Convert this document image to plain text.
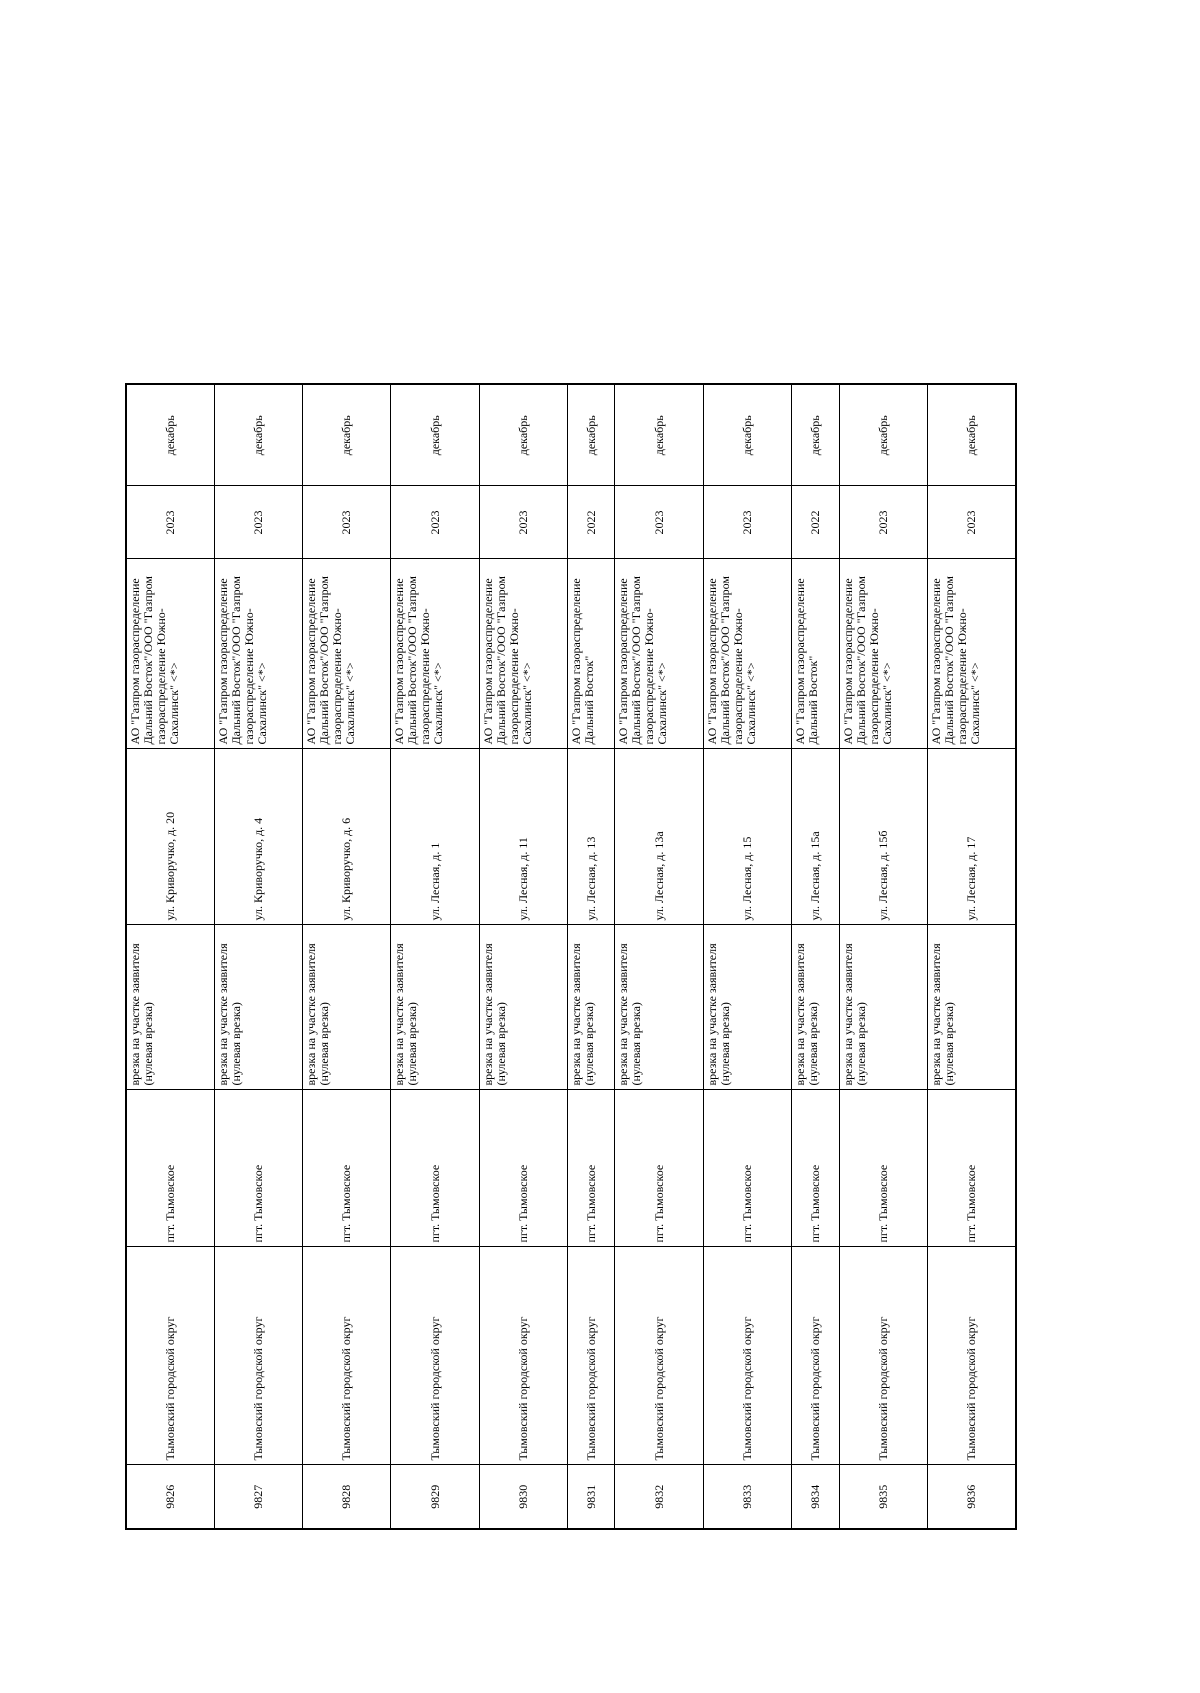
9826	Тымовский городской округ	пгт. Тымовское	врезка на участке заявителя (нулевая врезка)	ул. Криворучко, д. 20	АО "Газпром газораспределение Дальний Восток"/ООО "Газпром газораспределение Южно-Сахалинск" <*>	2023	декабрь
9827	Тымовский городской округ	пгт. Тымовское	врезка на участке заявителя (нулевая врезка)	ул. Криворучко, д. 4	АО "Газпром газораспределение Дальний Восток"/ООО "Газпром газораспределение Южно-Сахалинск" <*>	2023	декабрь
9828	Тымовский городской округ	пгт. Тымовское	врезка на участке заявителя (нулевая врезка)	ул. Криворучко, д. 6	АО "Газпром газораспределение Дальний Восток"/ООО "Газпром газораспределение Южно-Сахалинск" <*>	2023	декабрь
9829	Тымовский городской округ	пгт. Тымовское	врезка на участке заявителя (нулевая врезка)	ул. Лесная, д. 1	АО "Газпром газораспределение Дальний Восток"/ООО "Газпром газораспределение Южно-Сахалинск" <*>	2023	декабрь
9830	Тымовский городской округ	пгт. Тымовское	врезка на участке заявителя (нулевая врезка)	ул. Лесная, д. 11	АО "Газпром газораспределение Дальний Восток"/ООО "Газпром газораспределение Южно-Сахалинск" <*>	2023	декабрь
9831	Тымовский городской округ	пгт. Тымовское	врезка на участке заявителя (нулевая врезка)	ул. Лесная, д. 13	АО "Газпром газораспределение Дальний Восток"	2022	декабрь
9832	Тымовский городской округ	пгт. Тымовское	врезка на участке заявителя (нулевая врезка)	ул. Лесная, д. 13а	АО "Газпром газораспределение Дальний Восток"/ООО "Газпром газораспределение Южно-Сахалинск" <*>	2023	декабрь
9833	Тымовский городской округ	пгт. Тымовское	врезка на участке заявителя (нулевая врезка)	ул. Лесная, д. 15	АО "Газпром газораспределение Дальний Восток"/ООО "Газпром газораспределение Южно-Сахалинск" <*>	2023	декабрь
9834	Тымовский городской округ	пгт. Тымовское	врезка на участке заявителя (нулевая врезка)	ул. Лесная, д. 15а	АО "Газпром газораспределение Дальний Восток"	2022	декабрь
9835	Тымовский городской округ	пгт. Тымовское	врезка на участке заявителя (нулевая врезка)	ул. Лесная, д. 15б	АО "Газпром газораспределение Дальний Восток"/ООО "Газпром газораспределение Южно-Сахалинск" <*>	2023	декабрь
9836	Тымовский городской округ	пгт. Тымовское	врезка на участке заявителя (нулевая врезка)	ул. Лесная, д. 17	АО "Газпром газораспределение Дальний Восток"/ООО "Газпром газораспределение Южно-Сахалинск" <*>	2023	декабрь
